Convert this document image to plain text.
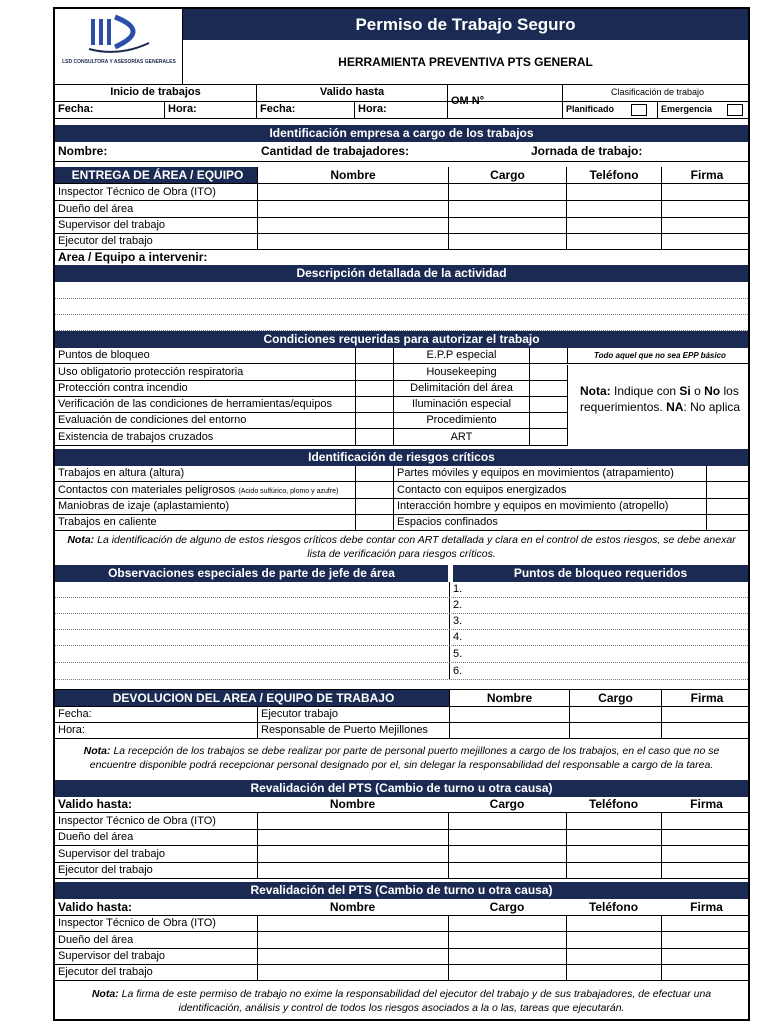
LSD CONSULTORA Y ASESORÍAS GENERALES
Permiso de Trabajo Seguro
HERRAMIENTA PREVENTIVA PTS GENERAL
Inicio de trabajos	Valido hasta	Clasificación de trabajo
Fecha:	Hora:	Fecha:	Hora:
OM N°
Planificado	Emergencia
Identificación empresa a cargo de los trabajos
Nombre:	Cantidad de trabajadores:	Jornada de trabajo:
ENTREGA DE ÁREA / EQUIPO	Nombre	Cargo	Teléfono	Firma
Inspector Técnico de Obra (ITO)
Dueño del área
Supervisor del trabajo
Ejecutor del trabajo
Area / Equipo a intervenir:
Descripción detallada de la actividad
Condiciones requeridas para autorizar el trabajo
Puntos de bloqueo	E.P.P especial	Todo aquel que no sea EPP básico
Uso obligatorio protección respiratoria	Housekeeping
Protección contra incendio	Delimitación del área
Verificación de las condiciones de herramientas/equipos	Iluminación especial
Evaluación de condiciones del entorno	Procedimiento
Existencia de trabajos cruzados	ART
Nota: Indique con Si o No los requerimientos. NA: No aplica
Identificación de riesgos críticos
Trabajos en altura (altura)	Partes móviles y equipos en movimientos (atrapamiento)
Contactos con materiales peligrosos (Acido sulfúrico, plomo y azufre)	Contacto con equipos energizados
Maniobras de izaje (aplastamiento)	Interacción hombre y equipos en movimiento (atropello)
Trabajos en caliente	Espacios confinados
Nota: La identificación de alguno de estos riesgos críticos debe contar con ART detallada y clara en el control de estos riesgos, se debe anexar lista de verificación para riesgos críticos.
Observaciones especiales de parte de jefe de área	Puntos de bloqueo requeridos
1.
2.
3.
4.
5.
6.
DEVOLUCION DEL AREA / EQUIPO DE TRABAJO	Nombre	Cargo	Firma
Fecha:	Ejecutor trabajo
Hora:	Responsable de Puerto Mejillones
Nota: La recepción de los trabajos se debe realizar por parte de personal puerto mejillones a cargo de los trabajos, en el caso que no se encuentre disponible podrá recepcionar personal designado por el, sin delegar la responsabilidad del responsable a cargo de la tarea.
Revalidación del PTS (Cambio de turno u otra causa)
Valido hasta:	Nombre	Cargo	Teléfono	Firma
Inspector Técnico de Obra (ITO)
Dueño del área
Supervisor del trabajo
Ejecutor del trabajo
Revalidación del PTS (Cambio de turno u otra causa)
Valido hasta:	Nombre	Cargo	Teléfono	Firma
Inspector Técnico de Obra (ITO)
Dueño del área
Supervisor del trabajo
Ejecutor del trabajo
Nota: La firma de este permiso de trabajo no exime la responsabilidad del ejecutor del trabajo y de sus trabajadores, de efectuar una identificación, análisis y control de todos los riesgos asociados a la o las, tareas que ejecutarán.
